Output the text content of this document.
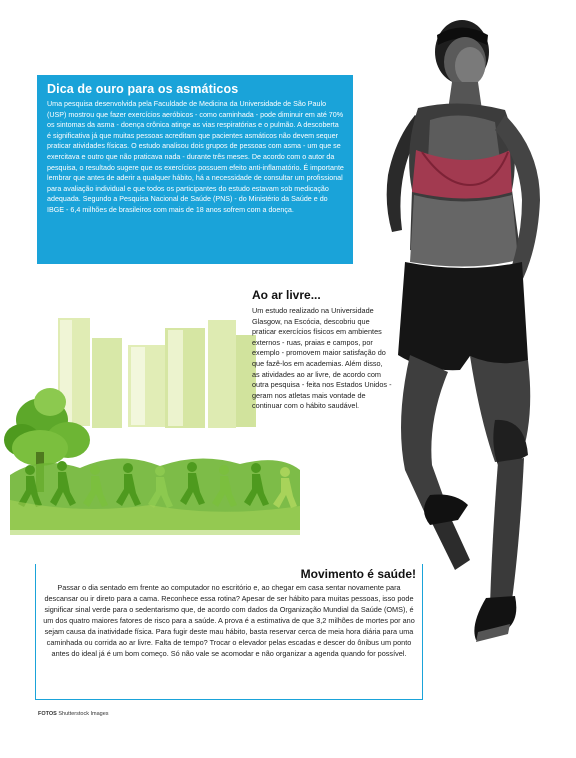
Dica de ouro para os asmáticos

Uma pesquisa desenvolvida pela Faculdade de Medicina da Universidade de São Paulo (USP) mostrou que fazer exercícios aeróbicos - como caminhada - pode diminuir em até 70% os sintomas da asma - doença crônica atinge as vias respiratórias e o pulmão. A descoberta é significativa já que muitas pessoas acreditam que pacientes asmáticos não devem sequer praticar atividades físicas. O estudo analisou dois grupos de pessoas com asma - um que se exercitava e outro que não praticava nada - durante três meses. De acordo com o autor da pesquisa, o resultado sugere que os exercícios possuem efeito anti-inflamatório. É importante lembrar que antes de aderir a qualquer hábito, há a necessidade de consultar um profissional para avaliação individual e que todos os participantes do estudo estavam sob medicação adequada. Segundo a Pesquisa Nacional de Saúde (PNS) - do Ministério da Saúde e do IBGE - 6,4 milhões de brasileiros com mais de 18 anos sofrem com a doença.

Ao ar livre...

Um estudo realizado na Universidade Glasgow, na Escócia, descobriu que praticar exercícios físicos em ambientes externos - ruas, praias e campos, por exemplo - promovem maior satisfação do que fazê-los em academias. Além disso, as atividades ao ar livre, de acordo com outra pesquisa - feita nos Estados Unidos - geram nos atletas mais vontade de continuar com o hábito saudável.

Movimento é saúde!

Passar o dia sentado em frente ao computador no escritório e, ao chegar em casa sentar novamente para descansar ou ir direto para a cama. Reconhece essa rotina? Apesar de ser hábito para muitas pessoas, isso pode significar sinal verde para o sedentarismo que, de acordo com dados da Organização Mundial da Saúde (OMS), é um dos quatro maiores fatores de risco para a saúde. A prova é a estimativa de que 3,2 milhões de mortes por ano sejam causa da inatividade física. Para fugir deste mau hábito, basta reservar cerca de meia hora diária para uma caminhada ou corrida ao ar livre. Falta de tempo? Trocar o elevador pelas escadas e descer do ônibus um ponto antes do ideal já é um bom começo. Só não vale se acomodar e não organizar a agenda quando for possível.

FOTOS Shutterstock Images
